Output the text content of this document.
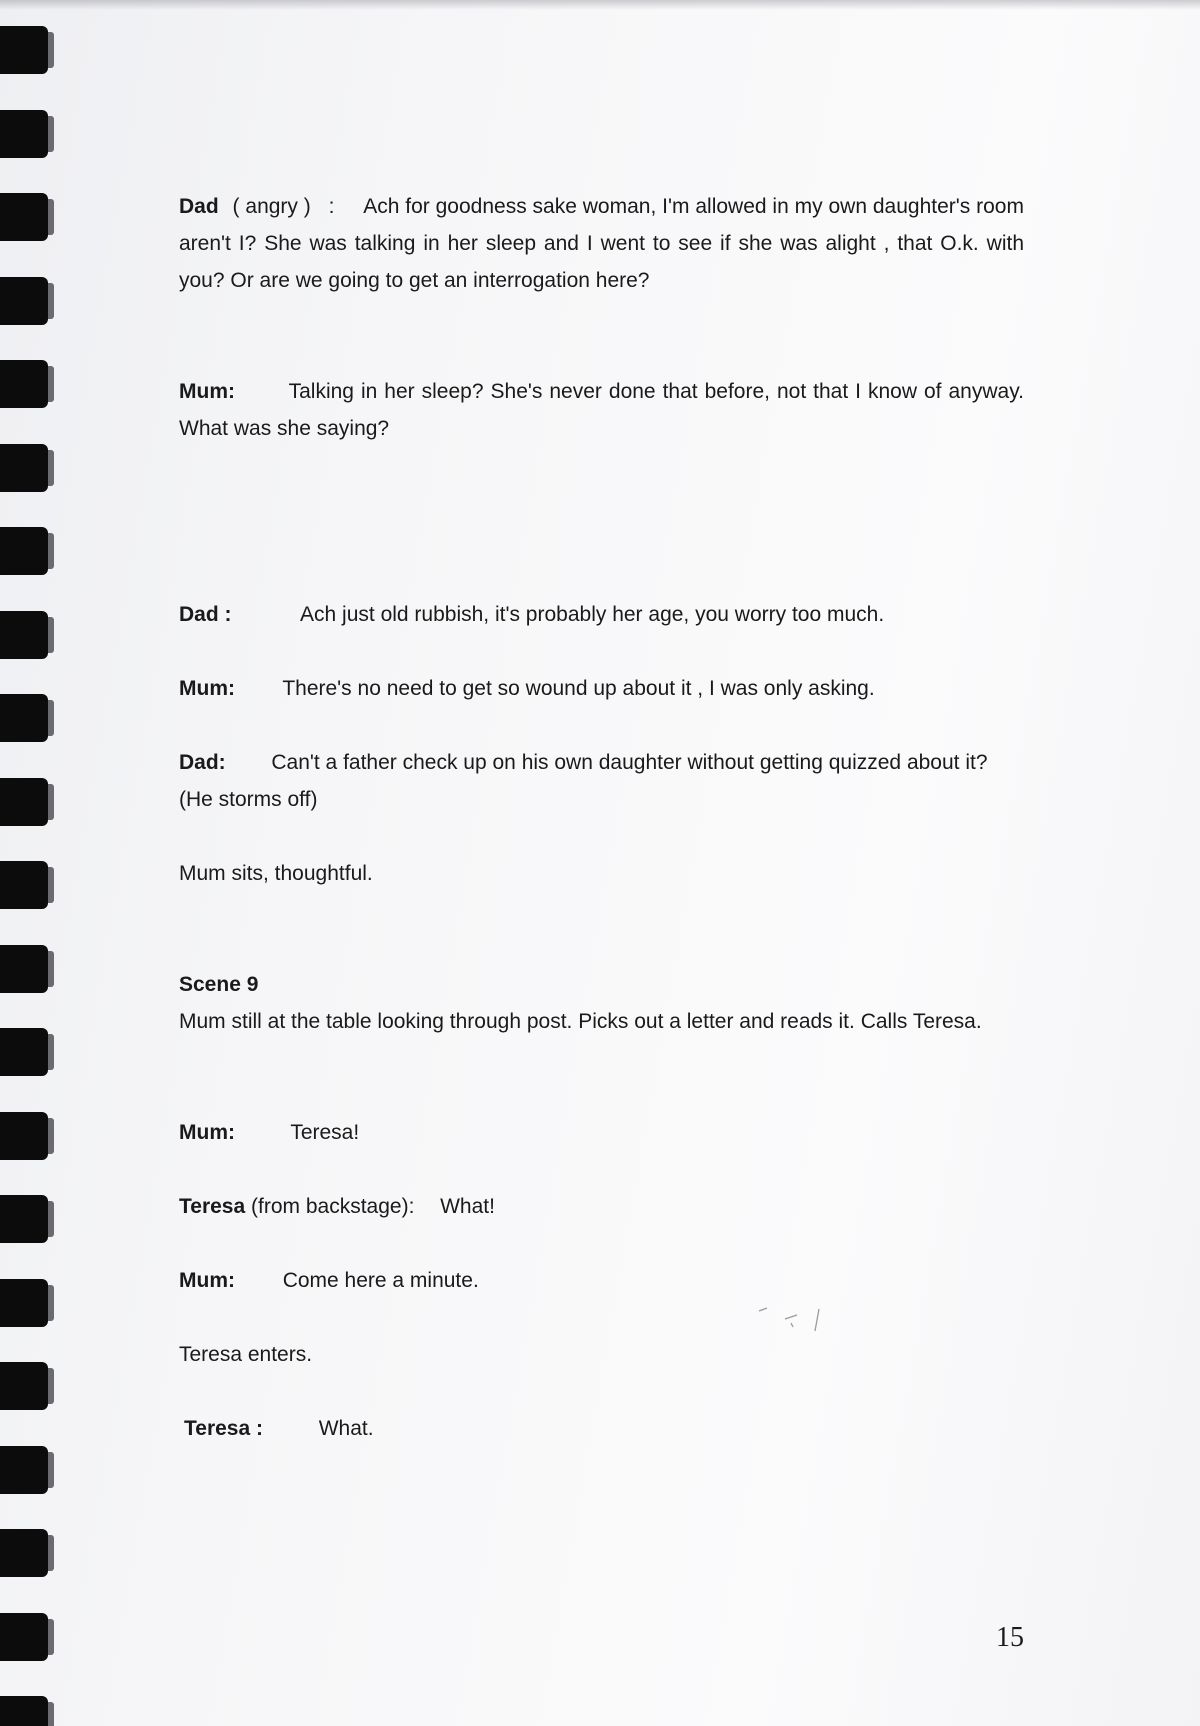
Dad ( angry ) : Ach for goodness sake woman, I'm allowed in my own daughter's room aren't I? She was talking in her sleep and I went to see if she was alight , that O.k. with you? Or are we going to get an interrogation here?
Mum:	Talking in her sleep? She's never done that before, not that I know of anyway. What was she saying?
Dad :	Ach just old rubbish, it's probably her age, you worry too much.
Mum: There's no need to get so wound up about it , I was only asking.
Dad: Can't a father check up on his own daughter without getting quizzed about it?  (He storms off)
Mum sits, thoughtful.
Scene 9
Mum still at the table looking through post. Picks out a letter and reads it. Calls Teresa.
Mum:	Teresa!
Teresa (from backstage): What!
Mum: Come here a minute.
Teresa enters.
Teresa :	What.
15
